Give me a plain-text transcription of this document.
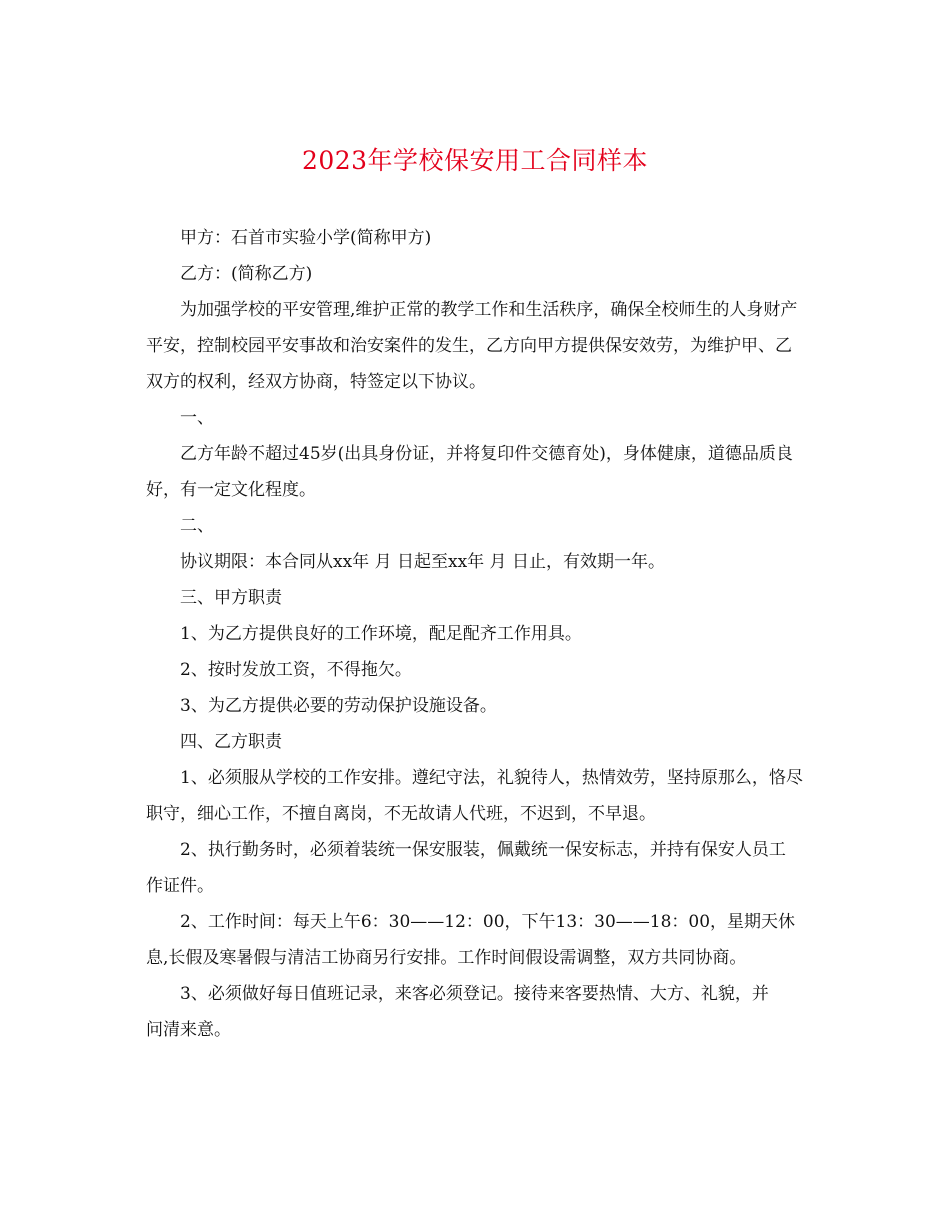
2023年学校保安用工合同样本

甲方：石首市实验小学(简称甲方)

乙方：(简称乙方)

为加强学校的平安管理,维护正常的教学工作和生活秩序，确保全校师生的人身财产平安，控制校园平安事故和治安案件的发生，乙方向甲方提供保安效劳，为维护甲、乙双方的权利，经双方协商，特签定以下协议。

一、

乙方年龄不超过45岁(出具身份证，并将复印件交德育处)，身体健康，道德品质良好，有一定文化程度。

二、

协议期限：本合同从xx年 月 日起至xx年 月 日止，有效期一年。

三、甲方职责

1、为乙方提供良好的工作环境，配足配齐工作用具。

2、按时发放工资，不得拖欠。

3、为乙方提供必要的劳动保护设施设备。

四、乙方职责

1、必须服从学校的工作安排。遵纪守法，礼貌待人，热情效劳，坚持原那么，恪尽职守，细心工作，不擅自离岗，不无故请人代班，不迟到，不早退。

2、执行勤务时，必须着装统一保安服装，佩戴统一保安标志，并持有保安人员工作证件。

2、工作时间：每天上午6：30——12：00，下午13：30——18：00，星期天休息,长假及寒暑假与清洁工协商另行安排。工作时间假设需调整，双方共同协商。

3、必须做好每日值班记录，来客必须登记。接待来客要热情、大方、礼貌，并问清来意。
